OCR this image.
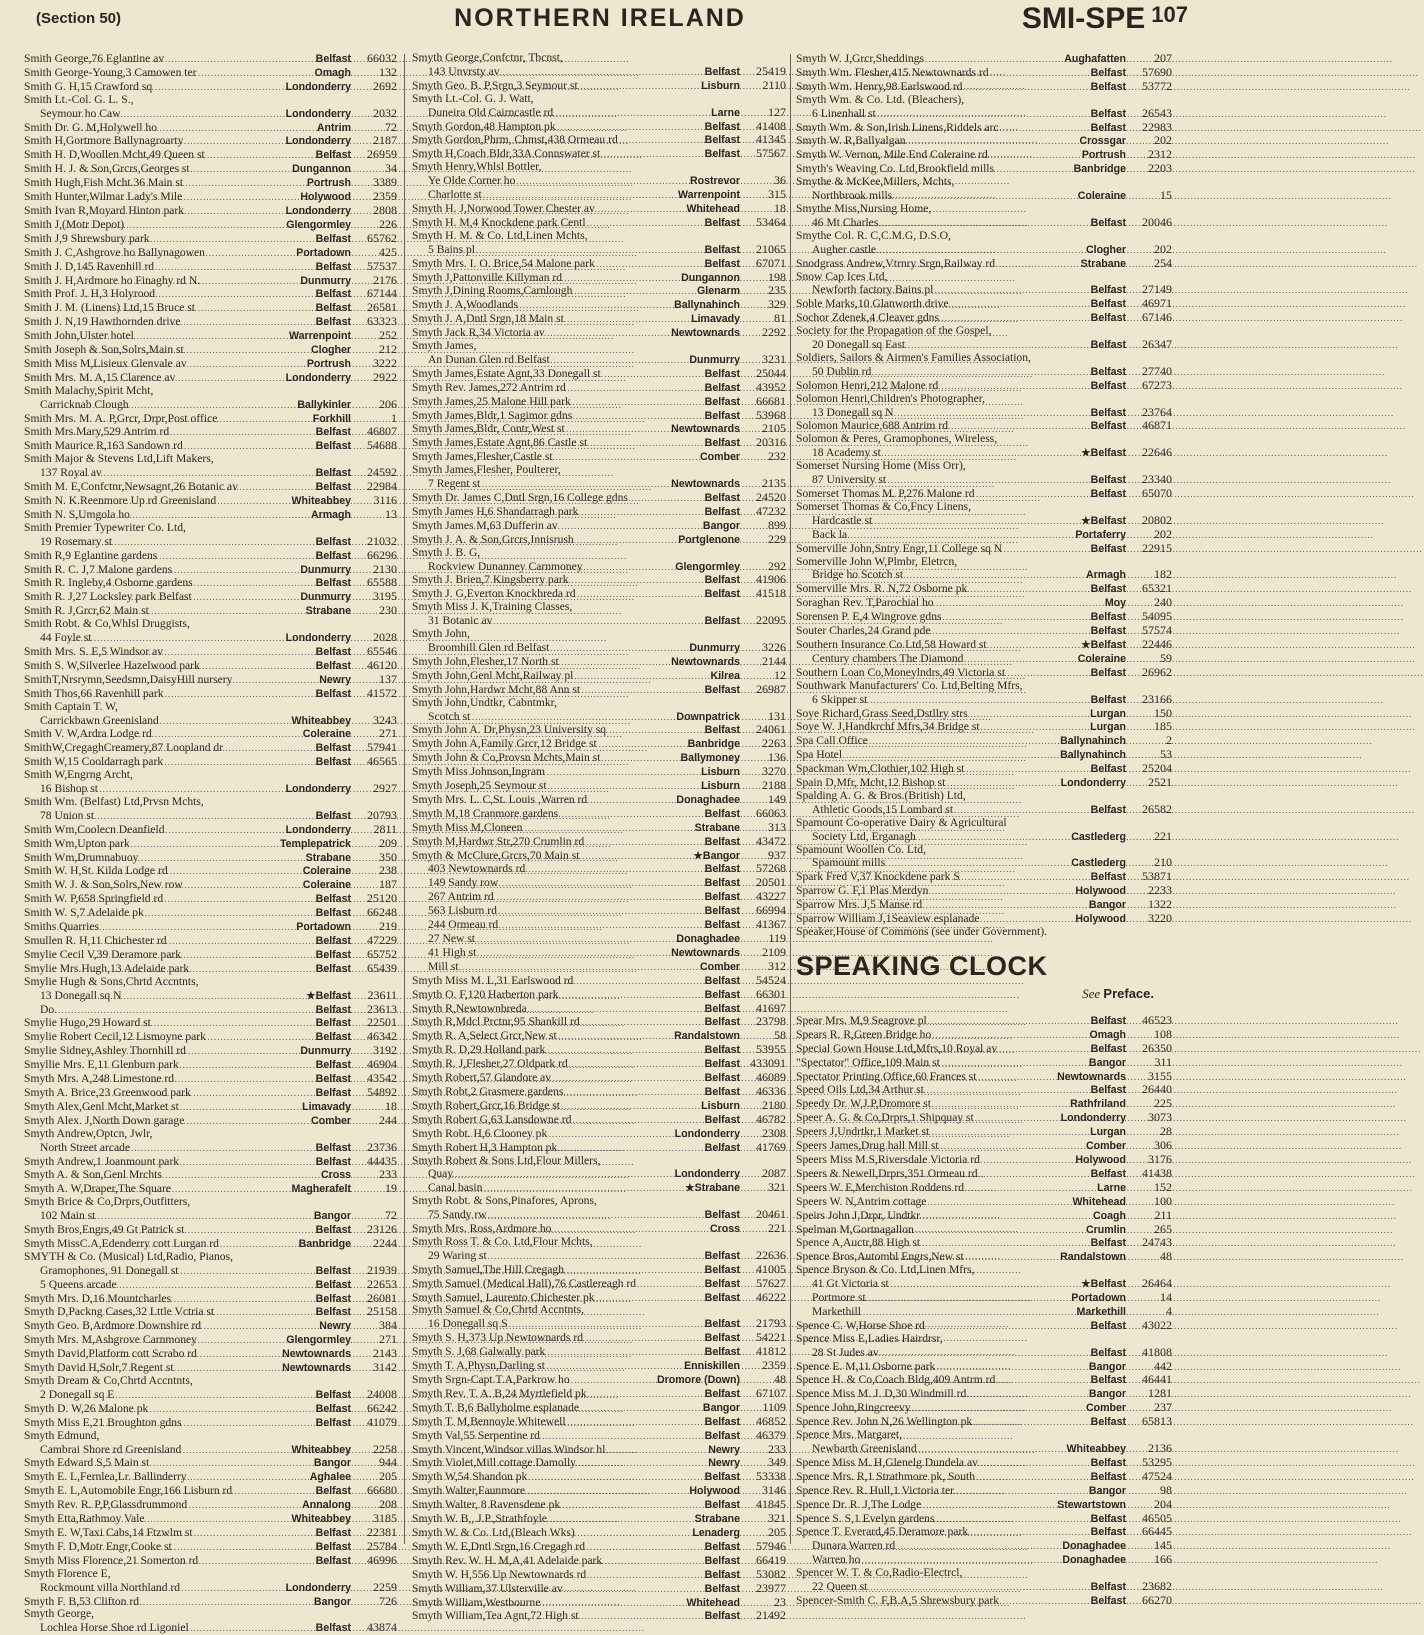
(Section 50)	NORTHERN IRELAND	SMI-SPE $^{107}$
Smith George,76 Eglantine av .....	Belfast	66032
Smith George-Young,3 Camowen ter .....	Omagh	132
Smith G. H,15 Crawford sq .....	Londonderry	2692
Smith Lt.-Col. G. L. S.,
Seymour ho Caw .....	Londonderry	2032
Smith Dr. G. M,Holywell ho .....	Antrim	72
Smith H,Gortmore Ballynagroarty .....	Londonderry	2187
Smith H. D,Woollen Mcht,49 Queen st .....	Belfast	26959
Smith H. J. & Son,Grcrs,Georges st .....	Dungannon	34
Smith Hugh,Fish Mcht.36 Main st .....	Portrush	3389
Smith Hunter,Wilmar Lady's Mile .....	Holywood	2359
Smith Ivan R,Moyard Hinton park .....	Londonderry	2808
Smith J,(Motr Depot) .....	Glengormley	226
Smith J,9 Shrewsbury park .....	Belfast	65762
Smith J. C,Ashgrove ho Ballynagowen .....	Portadown	425
Smith J. D,145 Ravenhill rd .....	Belfast	57537
Smith J. H,Ardmore ho Finaghy rd N. .....	Dunmurry	2176
Smith Prof. J. H,3 Holyrood .....	Belfast	67144
Smith J. M. (Linens) Ltd,15 Bruce st .....	Belfast	26581
Smith J. N,19 Hawthornden drive .....	Belfast	63323
Smith John,Ulster hotel .....	Warrenpoint	252
Smith Joseph & Son,Solrs,Main st .....	Clogher	212
Smith Miss M,Lisieux Glenvale av .....	Portrush	3222
Smith Mrs. M. A,15 Clarence av .....	Londonderry	2922
Smith Malachy,Spirit Mcht,
Carricknab Clough .....	Ballykinler	206
Smith Mrs. M. A. P,Grcr, Drpr,Post office .....	Forkhill	1
Smith Mrs.Mary,529 Antrim rd .....	Belfast	46807
Smith Maurice R,163 Sandown rd .....	Belfast	54688
Smith Major & Stevens Ltd,Lift Makers,
137 Royal av .....	Belfast	24592
Smith M. E,Confctnr,Newsagnt,26 Botanic av .....	Belfast	22984
Smith N. K.Reenmore Up rd Greenisland .....	Whiteabbey	3116
Smith N. S,Umgola ho .....	Armagh	13
Smith Premier Typewriter Co. Ltd,
19 Rosemary st .....	Belfast	21032
Smith R,9 Eglantine gardens .....	Belfast	66296
Smith R. C. J,7 Malone gardens .....	Dunmurry	2130
Smith R. Ingleby,4 Osborne gardens .....	Belfast	65588
Smith R. J,27 Locksley park Belfast .....	Dunmurry	3195
Smith R. J,Grcr,62 Main st .....	Strabane	230
Smith Robt. & Co,Whlsl Druggists,
44 Foyle st .....	Londonderry	2028
Smith Mrs. S. E,5 Windsor av .....	Belfast	65546
Smith S. W,Silverlee Hazelwood park .....	Belfast	46120
SmithT,Nrsrymn,Seedsmn,DaisyHill nursery .....	Newry	137
Smith Thos,66 Ravenhill park .....	Belfast	41572
Smith Captain T. W,
Carrickbawn Greenisland .....	Whiteabbey	3243
Smith V. W,Ardra Lodge rd .....	Coleraine	271
SmithW,CregaghCreamery,87 Loopland dr .....	Belfast	57941
Smith W,15 Cooldarragh park .....	Belfast	46565
Smith W,Engrng Archt,
16 Bishop st .....	Londonderry	2927
Smith Wm. (Belfast) Ltd,Prvsn Mchts,
78 Union st .....	Belfast	20793
Smith Wm,Coolecn Deanfield .....	Londonderry	2811
Smith Wm,Upton park .....	Templepatrick	209
Smith Wm,Drumnabuoy .....	Strabane	350
Smith W. H,St. Kilda Lodge rd .....	Coleraine	238
Smith W. J. & Son,Solrs,New row .....	Coleraine	187
Smith W. P,658 Springfield rd .....	Belfast	25120
Smith W. S,7 Adelaide pk .....	Belfast	66248
Smiths Quarries .....	Portadown	219
Smullen R. H,11 Chichester rd .....	Belfast	47229
Smylie Cecil V,39 Deramore park .....	Belfast	65752
Smylie Mrs.Hugh,13 Adelaide park .....	Belfast	65439
Smylie Hugh & Sons,Chrtd Accntnts,
13 Donegall sq N .....	★Belfast	23611
Do. .....	Belfast	23613
Smylie Hugo,29 Howard st .....	Belfast	22501
Smylie Robert Cecil,12 Lismoyne park .....	Belfast	46342
Smylie Sidney,Ashley Thornhill rd .....	Dunmurry	3192
Smyllie Mrs. E,11 Glenburn park .....	Belfast	46904
Smyth Mrs. A,248 Limestone rd .....	Belfast	43542
Smyth A. Brice,23 Greenwood park .....	Belfast	54892
Smyth Alex,Genl Mcht,Market st .....	Limavady	18
Smyth Alex. J,North Down garage .....	Comber	244
Smyth Andrew,Optcn, Jwlr,
North Street arcade .....	Belfast	23736
Smyth Andrew,1 Joanmount park .....	Belfast	44435
Smyth A. & Son,Genl Mrchts .....	Cross	233
Smyth A. W,Draper,The Square .....	Magherafelt	19
Smyth Brice & Co,Drprs,Outfitters,
102 Main st .....	Bangor	72
Smyth Bros,Engrs,49 Gt Patrick st .....	Belfast	23126
Smyth MissC.A,Edenderry cott Lurgan rd .....	Banbridge	2244
SMYTH & Co. (Musical) Ltd,Radio, Pianos,
Gramophones, 91 Donegall st .....	Belfast	21939
5 Queens arcade .....	Belfast	22653
Smyth Mrs. D,16 Mountcharles .....	Belfast	26081
Smyth D,Packng Cases,32 Lttle Vctria st .....	Belfast	25158
Smyth Geo. B,Ardmore Downshire rd .....	Newry	384
Smyth Mrs. M,Ashgrove Carnmoney .....	Glengormley	271
Smyth David,Platform cott Scrabo rd .....	Newtownards	2143
Smyth David H,Solr,7 Regent st .....	Newtownards	3142
Smyth Dream & Co,Chrtd Accntnts,
2 Donegall sq E .....	Belfast	24008
Smyth D. W,26 Malone pk .....	Belfast	66242
Smyth Miss E,21 Broughton gdns .....	Belfast	41079
Smyth Edmund,
Cambrai Shore rd Greenisland .....	Whiteabbey	2258
Smyth Edward S,5 Main st .....	Bangor	944
Smyth E. L,Fernlea,Lr. Ballinderry .....	Aghalee	205
Smyth E. L,Automobile Engr,166 Lisburn rd .....	Belfast	66680
Smyth Rev. R. P,P,Glassdrummond .....	Annalong	208
Smyth Etta,Rathmoy Vale .....	Whiteabbey	3185
Smyth E. W,Taxi Cabs,14 Ftzwlm st .....	Belfast	22381
Smyth F. D,Motr Engr,Cooke st .....	Belfast	25784
Smyth Miss Florence,21 Somerton rd .....	Belfast	46996
Smyth Florence E,
Rockmount villa Northland rd .....	Londonderry	2259
Smyth F. B,53 Clifton rd .....	Bangor	726
Smyth George,
Lochlea Horse Shoe rd Ligoniel .....	Belfast	43874
Smyth George,Confctnr, Tbcnst,
143 Unvrsty av .....	Belfast	25419
Smyth Geo. B. P,Srgn,3 Seymour st .....	Lisburn	2110
Smyth Lt.-Col. G. J. Watt,
Duneira Old Cairncastle rd .....	Larne	127
Smyth Gordon,48 Hampton pk .....	Belfast	41408
Smyth Gordon,Phrm, Chmst,438 Ormeau rd .....	Belfast	41345
Smyth H,Coach Bldr,33A Connswater st .....	Belfast	57567
Smyth Henry,Whlsl Bottler,
Ye Olde Corner ho .....	Rostrevor	36
Charlotte st .....	Warrenpoint	315
Smyth H. J,Norwood Tower Chester av .....	Whitehead	18
Smyth H. M,4 Knockdene park Centl .....	Belfast	53464
Smyth H. M. & Co. Ltd,Linen Mchts,
5 Bains pl .....	Belfast	21065
Smyth Mrs. I. O. Brice,54 Malone park .....	Belfast	67071
Smyth J,Pattonville Killyman rd .....	Dungannon	198
Smyth J,Dining Rooms,Carnlough .....	Glenarm	235
Smyth J. A,Woodlands .....	Ballynahinch	329
Smyth J. A,Dntl Srgn,18 Main st .....	Limavady	81
Smyth Jack R,34 Victoria av .....	Newtownards	2292
Smyth James,
An Dunan Glen rd Belfast .....	Dunmurry	3231
Smyth James,Estate Agnt,33 Donegall st .....	Belfast	25044
Smyth Rev. James,272 Antrim rd .....	Belfast	43952
Smyth James,25 Malone Hill park .....	Belfast	66681
Smyth James,Bldr,1 Sagimor gdns .....	Belfast	53968
Smyth James,Bldr, Contr,West st .....	Newtownards	2105
Smyth James,Estate Agnt,86 Castle st .....	Belfast	20316
Smyth James,Flesher,Castle st .....	Comber	232
Smyth James,Flesher, Poulterer,
7 Regent st .....	Newtownards	2135
Smyth Dr. James C,Dntl Srgn,16 College gdns .....	Belfast	24520
Smyth James H,6 Shandarragh park .....	Belfast	47232
Smyth James M,63 Dufferin av .....	Bangor	899
Smyth J. A. & Son,Grcrs,Innisrush .....	Portglenone	229
Smyth J. B. G,
Rockview Dunanney Carnmoney .....	Glengormley	292
Smyth J. Brien,7 Kingsberry park .....	Belfast	41906
Smyth J. G,Everton Knockbreda rd .....	Belfast	41518
Smyth Miss J. K,Training Classes,
31 Botanic av .....	Belfast	22095
Smyth John,
Broomhill Glen rd Belfast .....	Dunmurry	3226
Smyth John,Flesher,17 North st .....	Newtownards	2144
Smyth John,Genl Mcht,Railway pl .....	Kilrea	12
Smyth John,Hardwr Mcht,88 Ann st .....	Belfast	26987
Smyth John,Undtkr, Cabntmkr,
Scotch st .....	Downpatrick	131
Smyth John A. Dr,Physn,23 University sq .....	Belfast	24061
Smyth John A,Family Grcr,12 Bridge st .....	Banbridge	2263
Smyth John & Co,Provsn Mchts,Main st .....	Ballymoney	136
Smyth Miss Johnson,Ingram .....	Lisburn	3270
Smyth Joseph,25 Seymour st .....	Lisburn	2188
Smyth Mrs. L. C,St. Louis ,Warren rd .....	Donaghadee	149
Smyth M,18 Cranmore gardens .....	Belfast	66063
Smyth Miss M,Cloneen .....	Strabane	313
Smyth M,Hardwr Str,270 Crumlin rd .....	Belfast	43472
Smyth & McClure,Grcrs,70 Main st .....	★Bangor	937
403 Newtownards rd .....	Belfast	57268
149 Sandy row .....	Belfast	20501
267 Antrim rd .....	Belfast	43227
563 Lisburn rd .....	Belfast	66994
244 Ormeau rd .....	Belfast	41367
27 New st .....	Donaghadee	119
41 High st .....	Newtownards	2109
Mill st .....	Comber	312
Smyth Miss M. L,31 Earlswood rd .....	Belfast	54524
Smyth O. F,120 Harberton park .....	Belfast	66301
Smyth R,Newtownbreda .....	Belfast	41697
Smyth R,Mdcl Prctnr,95 Shankill rd .....	Belfast	23798
Smyth R. A,Select Grcr,New st .....	Randalstown	58
Smyth R. D,29 Holland park .....	Belfast	53955
Smyth R. J,Flesher,27 Oldpark rd .....	Belfast 433091
Smyth Robert,57 Glandore av .....	Belfast	46089
Smyth Robt,2 Grasmere gardens .....	Belfast	46336
Smyth Robert,Grcr,16 Bridge st .....	Lisburn	2180
Smyth Robert G,63 Lansdowne rd .....	Belfast	46782
Smyth Robt. H,6 Clooney pk .....	Londonderry	2308
Smyth Robert H,3 Hampton pk .....	Belfast	41769
Smyth Robert & Sons Ltd,Flour Millers,
Quay .....	Londonderry	2087
Canal basin .....	★Strabane	321
Smyth Robt. & Sons,Pinafores, Aprons,
75 Sandy rw .....	Belfast	20461
Smyth Mrs. Ross,Ardmore ho .....	Cross	221
Smyth Ross T. & Co. Ltd,Flour Mchts,
29 Waring st .....	Belfast	22636
Smyth Samuel,The Hill Cregagh .....	Belfast	41005
Smyth Samuel (Medical Hall),76 Castlereagh rd .....	Belfast	57627
Smyth Samuel, Laurento Chichester pk .....	Belfast	46222
Smyth Samuel & Co,Chrtd Accntnts,
16 Donegall sq S .....	Belfast	21793
Smyth S. H,373 Up Newtownards rd .....	Belfast	54221
Smyth S. J,68 Galwally park .....	Belfast	41812
Smyth T. A,Physn,Darling st .....	Enniskillen	2359
Smyth Srgn-Capt.T.A,Parkrow ho .....	Dromore (Down)	48
Smyth Rev. T. A. B,24 Myrtlefield pk .....	Belfast	67107
Smyth T. B,6 Ballyholme esplanade .....	Bangor	1109
Smyth T. M,Bennoyle Whitewell .....	Belfast	46852
Smyth Val,55 Serpentine rd .....	Belfast	46379
Smyth Vincent,Windsor villas Windsor hl .....	Newry	233
Smyth Violet,Mill cottage Damolly .....	Newry	349
Smyth W,54 Shandon pk .....	Belfast	53338
Smyth Walter,Faunmore .....	Holywood	3146
Smyth Walter, 8 Ravensdene pk .....	Belfast	41845
Smyth W. B,, J.P.,Strathfoyle .....	Strabane	321
Smyth W. & Co. Ltd,(Bleach Wks) .....	Lenaderg	205
Smyth W. E,Dntl Srgn,16 Cregagh rd .....	Belfast	57946
Smyth Rev. W. H. M,A,41 Adelaide park .....	Belfast	66419
Smyth W. H,556 Up Newtownards rd .....	Belfast	53082
Smyth William,37 Ulsterville av .....	Belfast	23977
Smyth William,Westbourne .....	Whitehead	23
Smyth William,Tea Agnt,72 High st .....	Belfast	21492
Smyth W. J,Grcr,Sheddings .....	Aughafatten	207
Smyth Wm. Flesher,415 Newtownards rd .....	Belfast	57690
Smyth Wm. Henry,98 Earlswood rd .....	Belfast	53772
Smyth Wm. & Co. Ltd. (Bleachers),
6 Linenhall st .....	Belfast	26543
Smyth Wm. & Son,Irish Linens,Riddels arc .....	Belfast	22983
Smyth W. R,Ballyalgan .....	Crossgar	202
Smyth W. Vernon, Mile End Coleraine rd .....	Portrush	2312
Smyth's Weaving Co. Ltd,Brookfield mills .....	Banbridge	2203
Smythe & McKee,Millers, Mchts,
Northbrook mills .....	Coleraine	15
Smythe Miss,Nursing Home,
46 Mt Charles .....	Belfast	20046
Smythe Col. R. C,C.M.G, D.S.O,
Augher castle .....	Clogher	202
Snodgrass Andrew,Vtrnry Srgn,Railway rd .....	Strabane	254
Snow Cap Ices Ltd,
Newforth factory Bains pl .....	Belfast	27149
Soble Marks,10 Glanworth drive .....	Belfast	46971
Sochor Zdenek,4 Cleaver gdns .....	Belfast	67146
Society for the Propagation of the Gospel,
20 Donegall sq East .....	Belfast	26347
Soldiers, Sailors & Airmen's Families Association,
50 Dublin rd .....	Belfast	27740
Solomon Henri,212 Malone rd .....	Belfast	67273
Solomon Henri,Children's Photographer,
13 Donegall sq N .....	Belfast	23764
Solomon Maurice,688 Antrim rd .....	Belfast	46871
Solomon & Peres, Gramophones, Wireless,
18 Academy st .....	★Belfast	22646
Somerset Nursing Home (Miss Orr),
87 University st .....	Belfast	23340
Somerset Thomas M. P,276 Malone rd .....	Belfast	65070
Somerset Thomas & Co,Fncy Linens,
Hardcastle st .....	★Belfast	20802
Back la .....	Portaferry	202
Somerville John,Sntry Engr,11 College sq N .....	Belfast	22915
Somerville John W,Plmbr, Eletrcn,
Bridge ho Scotch st .....	Armagh	182
Somerville Mrs. R. N,72 Osborne pk .....	Belfast	65321
Soraghan Rev. T,Parochial ho .....	Moy	240
Sorensen P. E,4 Wingrove gdns .....	Belfast	54095
Souter Charles,24 Grand pde .....	Belfast	57574
Southern Insurance Co.Ltd,58 Howard st .....	★Belfast	22446
Century chambers The Diamond .....	Coleraine	59
Southern Loan Co,Moneylndrs,49 Victoria st .....	Belfast	26962
Southwark Manufacturers' Co. Ltd,Belting Mfrs,
6 Skipper st .....	Belfast	23166
Soye Richard,Grass Seed,Dstllry strs .....	Lurgan	150
Soye W. J,Handkrchf Mfrs,34 Bridge st .....	Lurgan	185
Spa Call Office .....	Ballynahinch	2
Spa Hotel .....	Ballynahinch	53
Spackman Wm,Clothier,102 High st .....	Belfast	25204
Spain D,Mfr, Mcht,12 Bishop st .....	Londonderry	2521
Spalding A. G. & Bros.(British) Ltd,
Athletic Goods,15 Lombard st .....	Belfast	26582
Spamount Co-operative Dairy & Agricultural
Society Ltd, Erganagh .....	Castlederg	221
Spamount Woollen Co. Ltd,
Spamount mills .....	Castlederg	210
Spark Fred V,37 Knockdene park S .....	Belfast	53871
Sparrow G. F,1 Plas Merdyn .....	Holywood	2233
Sparrow Mrs. J,5 Manse rd .....	Bangor	1322
Sparrow William J,1Seaview esplanade .....	Holywood	3220
Speaker,House of Commons (see under Government).
SPEAKING CLOCK
See Preface.
Spear Mrs. M,9 Seagrove pl .....	Belfast	46523
Spears R. R,Green Bridge ho .....	Omagh	108
Special Gown House Ltd,Mfrs,10 Royal av .....	Belfast	26350
"Spectator" Office,109 Main st .....	Bangor	311
Spectator Printing Office,60 Frances st .....	Newtownards	3155
Speed Oils Ltd,34 Arthur st .....	Belfast	26440
Speedy Dr. W,J.P,Dromore st .....	Rathfriland	225
Speer A. G. & Co,Drprs,1 Shipquay st .....	Londonderry	3073
Speers J,Undrtkr,1 Market st .....	Lurgan	28
Speers James,Drug hall Mill st .....	Comber	306
Speers Miss M.S,Riversdale Victoria rd .....	Holywood	3176
Speers & Newell,Drprs,351 Ormeau rd .....	Belfast	41438
Speers W. E,Merchiston Roddens rd .....	Larne	152
Speers W. N,Antrim cottage .....	Whitehead	100
Speirs John J,Drpr, Undtkr .....	Coagh	211
Spelman M,Gortnagallon .....	Crumlin	265
Spence A,Auctr,88 High st .....	Belfast	24743
Spence Bros,Autombl Engrs,New st .....	Randalstown	48
Spence Bryson & Co. Ltd,Linen Mfrs,
41 Gt Victoria st .....	★Belfast	26464
Portmore st .....	Portadown	14
Markethill .....	Markethill	4
Spence C. W,Horse Shoe rd .....	Belfast	43022
Spence Miss E,Ladies Hairdrsr,
28 St Judes av .....	Belfast	41808
Spence E. M,11 Osborne park .....	Bangor	442
Spence H. & Co,Coach Bldg,409 Antrm rd .....	Belfast	46441
Spence Miss M. J. D,30 Windmill rd .....	Bangor	1281
Spence John,Ringcreevy .....	Comber	237
Spence Rev. John N,26 Wellington pk .....	Belfast	65813
Spence Mrs. Margaret,
Newbarth Greenisland .....	Whiteabbey	2136
Spence Miss M. H,Glenelg Dundela av .....	Belfast	53295
Spence Mrs. R,1 Strathmore pk, South .....	Belfast	47524
Spence Rev. R. Hull,1 Victoria ter .....	Bangor	98
Spence Dr. R. J,The Lodge .....	Stewartstown	204
Spence S. S,1 Evelyn gardens .....	Belfast	46505
Spence T. Everard,45 Deramore park .....	Belfast	66445
Dunara Warren rd .....	Donaghadee	145
Warren ho .....	Donaghadee	166
Spencer W. T. & Co,Radio-Electrcl,
22 Queen st .....	Belfast	23682
Spencer-Smith C. F,B.A,5 Shrewsbury park .....	Belfast	66270
